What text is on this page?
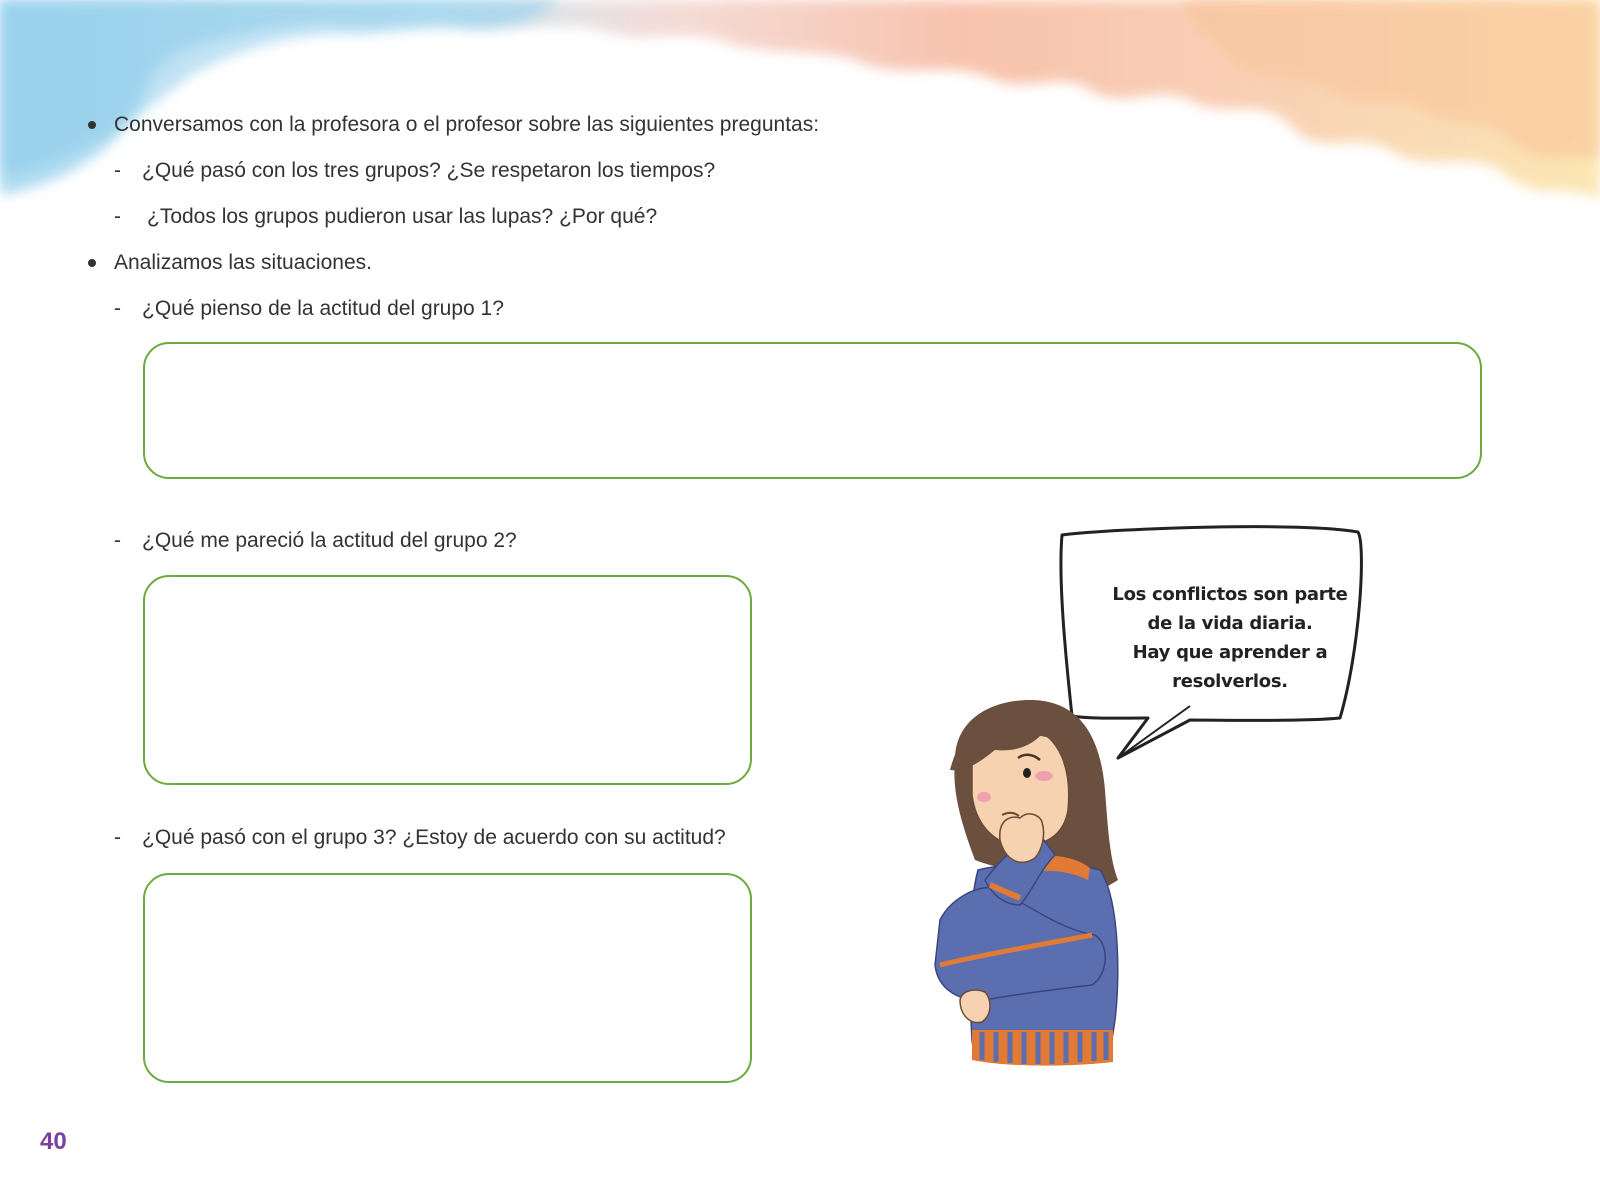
Conversamos con la profesora o el profesor sobre las siguientes preguntas:
- ¿Qué pasó con los tres grupos? ¿Se respetaron los tiempos?
- ¿Todos los grupos pudieron usar las lupas? ¿Por qué?
Analizamos las situaciones.
- ¿Qué pienso de la actitud del grupo 1?
- ¿Qué me pareció la actitud del grupo 2?
- ¿Qué pasó con el grupo 3? ¿Estoy de acuerdo con su actitud?
Los conflictos son parte
de la vida diaria.
Hay que aprender a
resolverlos.
40
